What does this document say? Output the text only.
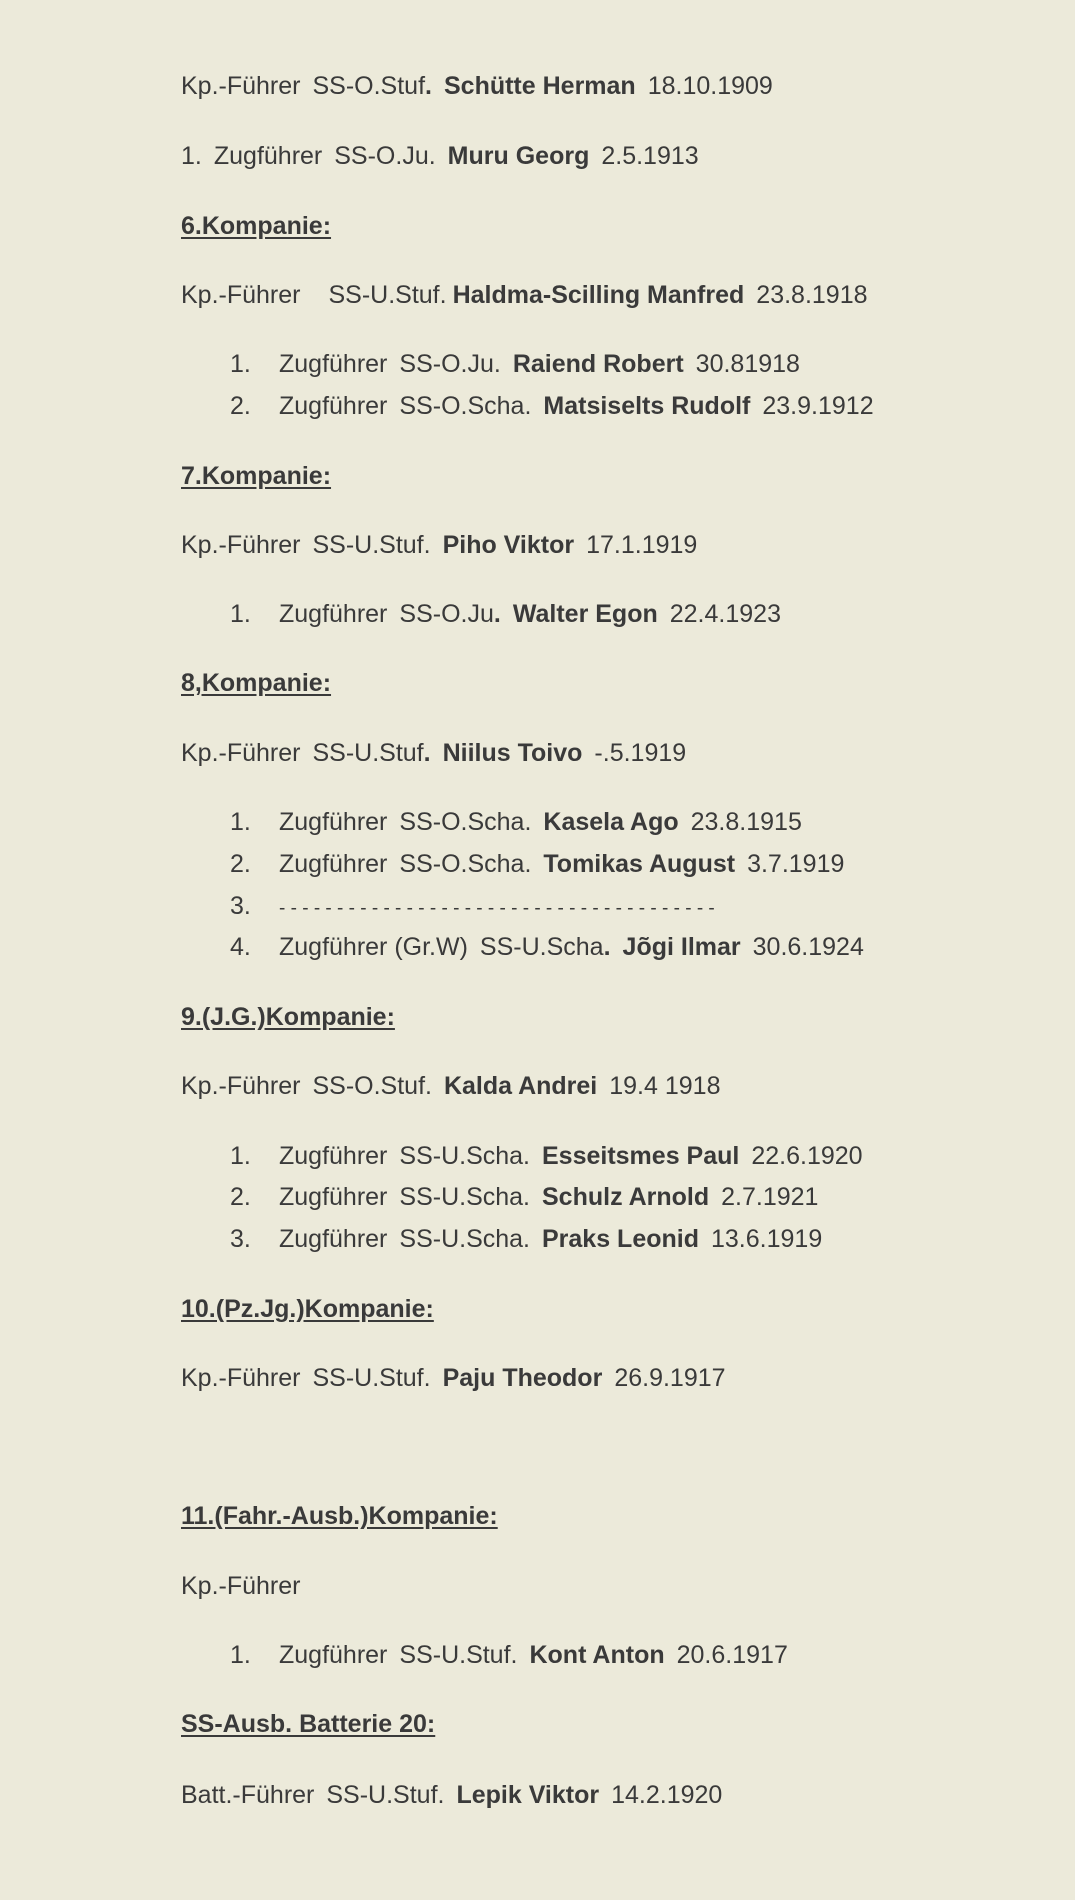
Kp.-Führer SS-O.Stuf. Schütte Herman 18.10.1909
1. Zugführer SS-O.Ju. Muru Georg 2.5.1913
6.Kompanie:
Kp.-Führer SS-U.Stuf. Haldma-Scilling Manfred 23.8.1918
1. Zugführer SS-O.Ju. Raiend Robert 30.81918
2. Zugführer SS-O.Scha. Matsiselts Rudolf 23.9.1912
7.Kompanie:
Kp.-Führer SS-U.Stuf. Piho Viktor 17.1.1919
1. Zugführer SS-O.Ju. Walter Egon 22.4.1923
8,Kompanie:
Kp.-Führer SS-U.Stuf. Niilus Toivo -.5.1919
1. Zugführer SS-O.Scha. Kasela Ago 23.8.1915
2. Zugführer SS-O.Scha. Tomikas August 3.7.1919
3. - - - - - - - - - - - - - - - - - - - - - - - - - - - - - - - - - - - - - -
4. Zugführer (Gr.W) SS-U.Scha. Jõgi Ilmar 30.6.1924
9.(J.G.)Kompanie:
Kp.-Führer SS-O.Stuf. Kalda Andrei 19.4 1918
1. Zugführer SS-U.Scha. Esseitsmes Paul 22.6.1920
2. Zugführer SS-U.Scha. Schulz Arnold 2.7.1921
3. Zugführer SS-U.Scha. Praks Leonid 13.6.1919
10.(Pz.Jg.)Kompanie:
Kp.-Führer SS-U.Stuf. Paju Theodor 26.9.1917
11.(Fahr.-Ausb.)Kompanie:
Kp.-Führer
1. Zugführer SS-U.Stuf. Kont Anton 20.6.1917
SS-Ausb. Batterie 20:
Batt.-Führer SS-U.Stuf. Lepik Viktor 14.2.1920
